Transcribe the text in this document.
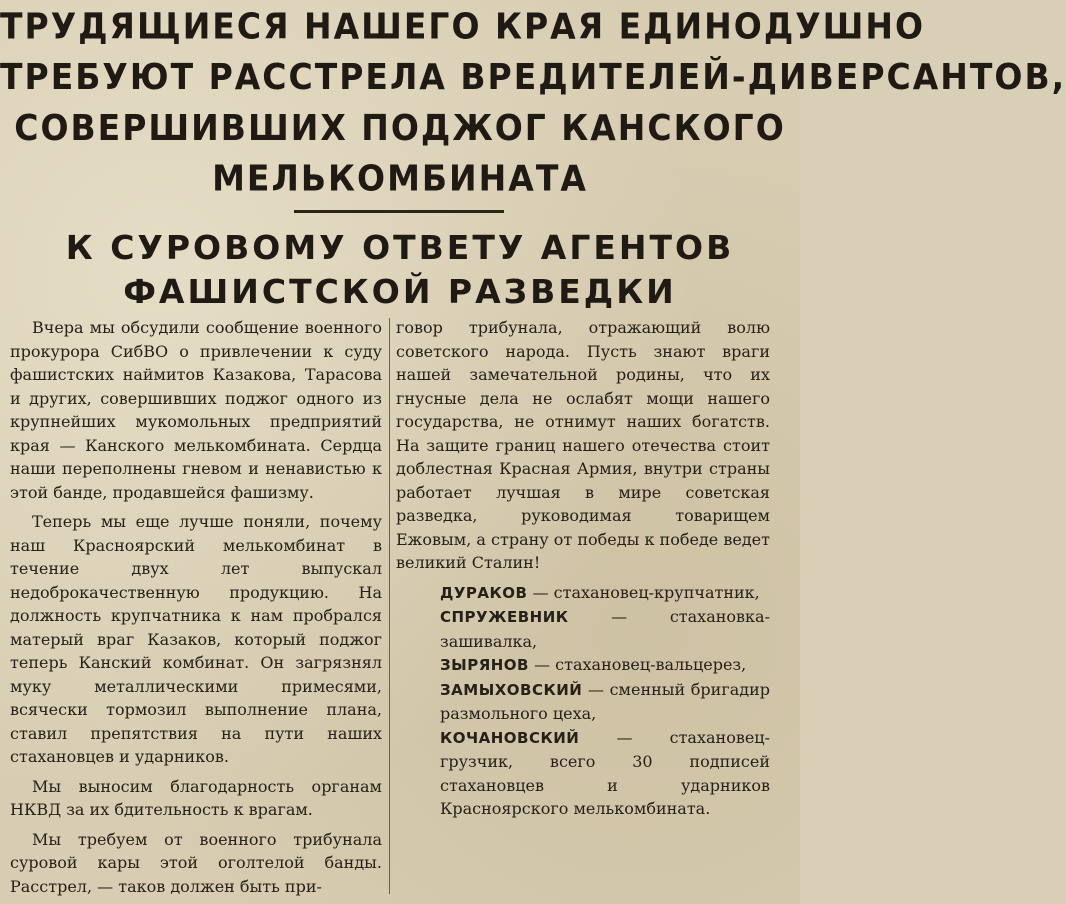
ТРУДЯЩИЕСЯ НАШЕГО КРАЯ ЕДИНОДУШНО
ТРЕБУЮТ РАССТРЕЛА ВРЕДИТЕЛЕЙ-ДИВЕРСАНТОВ,
СОВЕРШИВШИХ ПОДЖОГ КАНСКОГО
МЕЛЬКОМБИНАТА
К СУРОВОМУ ОТВЕТУ АГЕНТОВ
ФАШИСТСКОЙ РАЗВЕДКИ

Вчера мы обсудили сообщение военного прокурора СибВО о привлечении к суду фашистских наймитов Казакова, Тарасова и других, совершивших поджог одного из крупнейших мукомольных предприятий края — Канского мелькомбината. Сердца наши переполнены гневом и ненавистью к этой банде, продавшейся фашизму.

Теперь мы еще лучше поняли, почему наш Красноярский мелькомбинат в течение двух лет выпускал недоброкачественную продукцию. На должность крупчатника к нам пробрался матерый враг Казаков, который поджог теперь Канский комбинат. Он загрязнял муку металлическими примесями, всячески тормозил выполнение плана, ставил препятствия на пути наших стахановцев и ударников.

Мы выносим благодарность органам НКВД за их бдительность к врагам.

Мы требуем от военного трибунала суровой кары этой оголтелой банды. Расстрел, — таков должен быть при-

говор трибунала, отражающий волю советского народа. Пусть знают враги нашей замечательной родины, что их гнусные дела не ослабят мощи нашего государства, не отнимут наших богатств. На защите границ нашего отечества стоит доблестная Красная Армия, внутри страны работает лучшая в мире советская разведка, руководимая товарищем Ежовым, а страну от победы к победе ведет великий Сталин!

ДУРАКОВ — стахановец-крупчатник,

СПРУЖЕВНИК — стахановка-зашивалка,

ЗЫРЯНОВ — стахановец-вальцерез,

ЗАМЫХОВСКИЙ — сменный бригадир размольного цеха,

КОЧАНОВСКИЙ — стахановец-грузчик, всего 30 подписей стахановцев и ударников Красноярского мелькомбината.
